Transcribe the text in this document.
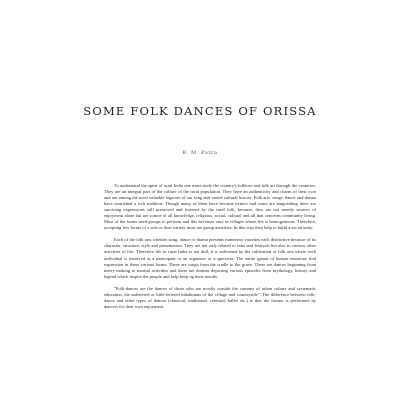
SOME FOLK DANCES OF ORISSA
B. M. Patra

To understand the spirit of rural India one must study the country's folklore and folk art through the centuries. They are an integral part of the culture of the rural population. They have an authenticity and charm of their own and are among the most valuable legacies of our long and varied cultural history. Folk arts, songs, dance and drama have nourished a rich tradition. Though many of them have become extinct and some are languishing there are surviving expressions still preserved and fostered by the rural folk, because, they are not merely sources of enjoyment alone but are source of all knowledge, religious, social, cultural and all that concerns community living. Most of the forms need groups to perform and this becomes easy in villages where life is homogeneous. Therefore, accepting few forms of a solo or duet variety most are group activities. In this way they help to build a social unity.

Each of the folk arts whether song, dance or drama presents numerous varieties each distinctive because of its character, structure, style and presentation. They are not only related to fairs and festivals but also to various other activities of life. Therefore life in rural India is not dull, it is enlivened by the cultivation of folk arts where each individual is involved as a participant or an organiser or a spectator. The entire gamut of human emotions find expression in these various forms. These are songs from the cradle to the grave. There are dances beginning from merry-making to martial activities and there are dramas depicting various episodes from mythology, history and legend which inspire the people and help keep up their morals.

"Folk-dances are the dances of those who are mostly outside the currents of urban culture and systematic education, the unlettered or little-lettered inhabitants of the village and countryside". The difference between folk-dance and other types of dances (classical, traditional, celestial, ballet etc.) is that the former is performed by dancers for their own enjoyment.
